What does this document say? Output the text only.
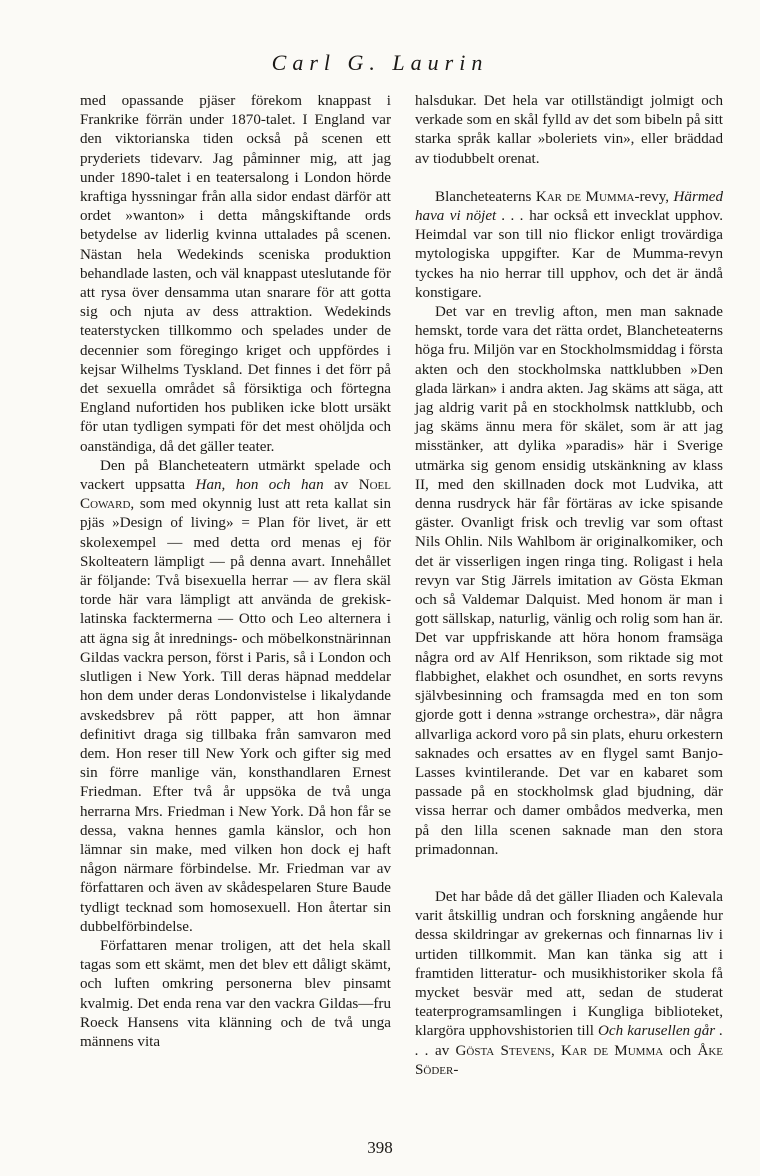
Carl G. Laurin

med opassande pjäser förekom knappast i Frankrike förrän under 1870-talet. I England var den viktorianska tiden också på scenen ett pryderiets tidevarv. Jag påminner mig, att jag under 1890-talet i en teatersalong i London hörde kraftiga hyssningar från alla sidor endast därför att ordet »wanton» i detta mångskiftande ords betydelse av liderlig kvinna uttalades på scenen. Nästan hela Wedekinds sceniska produktion behandlade lasten, och väl knappast uteslutande för att rysa över densamma utan snarare för att gotta sig och njuta av dess attraktion. Wedekinds teaterstycken tillkommo och spelades under de decennier som föregingo kriget och uppfördes i kejsar Wilhelms Tyskland. Det finnes i det förr på det sexuella området så försiktiga och förtegna England nufortiden hos publiken icke blott ursäkt för utan tydligen sympati för det mest ohöljda och oanständiga, då det gäller teater.

Den på Blancheteatern utmärkt spelade och vackert uppsatta Han, hon och han av Noel Coward, som med okynnig lust att reta kallat sin pjäs »Design of living» = Plan för livet, är ett skolexempel — med detta ord menas ej för Skolteatern lämpligt — på denna avart. Innehållet är följande: Två bisexuella herrar — av flera skäl torde här vara lämpligt att använda de grekisk-latinska facktermerna — Otto och Leo alternera i att ägna sig åt inrednings- och möbelkonstnärinnan Gildas vackra person, först i Paris, så i London och slutligen i New York. Till deras häpnad meddelar hon dem under deras Londonvistelse i likalydande avskedsbrev på rött papper, att hon ämnar definitivt draga sig tillbaka från samvaron med dem. Hon reser till New York och gifter sig med sin förre manlige vän, konsthandlaren Ernest Friedman. Efter två år uppsöka de två unga herrarna Mrs. Friedman i New York. Då hon får se dessa, vakna hennes gamla känslor, och hon lämnar sin make, med vilken hon dock ej haft någon närmare förbindelse. Mr. Friedman var av författaren och även av skådespelaren Sture Baude tydligt tecknad som homosexuell. Hon återtar sin dubbelförbindelse.

Författaren menar troligen, att det hela skall tagas som ett skämt, men det blev ett dåligt skämt, och luften omkring personerna blev pinsamt kvalmig. Det enda rena var den vackra Gildas—fru Roeck Hansens vita klänning och de två unga männens vita

halsdukar. Det hela var otillständigt jolmigt och verkade som en skål fylld av det som bibeln på sitt starka språk kallar »boleriets vin», eller bräddad av tiodubbelt orenat.

Blancheteaterns Kar de Mumma-revy, Härmed hava vi nöjet . . . har också ett invecklat upphov. Heimdal var son till nio flickor enligt trovärdiga mytologiska uppgifter. Kar de Mumma-revyn tyckes ha nio herrar till upphov, och det är ändå konstigare.

Det var en trevlig afton, men man saknade hemskt, torde vara det rätta ordet, Blancheteaterns höga fru. Miljön var en Stockholmsmiddag i första akten och den stockholmska nattklubben »Den glada lärkan» i andra akten. Jag skäms att säga, att jag aldrig varit på en stockholmsk nattklubb, och jag skäms ännu mera för skälet, som är att jag misstänker, att dylika »paradis» här i Sverige utmärka sig genom ensidig utskänkning av klass II, med den skillnaden dock mot Ludvika, att denna rusdryck här får förtäras av icke spisande gäster. Ovanligt frisk och trevlig var som oftast Nils Ohlin. Nils Wahlbom är originalkomiker, och det är visserligen ingen ringa ting. Roligast i hela revyn var Stig Järrels imitation av Gösta Ekman och så Valdemar Dalquist. Med honom är man i gott sällskap, naturlig, vänlig och rolig som han är. Det var uppfriskande att höra honom framsäga några ord av Alf Henrikson, som riktade sig mot flabbighet, elakhet och osundhet, en sorts revyns självbesinning och framsagda med en ton som gjorde gott i denna »strange orchestra», där några allvarliga ackord voro på sin plats, ehuru orkestern saknades och ersattes av en flygel samt Banjo-Lasses kvintilerande. Det var en kabaret som passade på en stockholmsk glad bjudning, där vissa herrar och damer ombådos medverka, men på den lilla scenen saknade man den stora primadonnan.

Det har både då det gäller Iliaden och Kalevala varit åtskillig undran och forskning angående hur dessa skildringar av grekernas och finnarnas liv i urtiden tillkommit. Man kan tänka sig att i framtiden litteratur- och musikhistoriker skola få mycket besvär med att, sedan de studerat teaterprogramsamlingen i Kungliga biblioteket, klargöra upphovshistorien till Och karusellen går . . . av Gösta Stevens, Kar de Mumma och Åke Söder-

398
